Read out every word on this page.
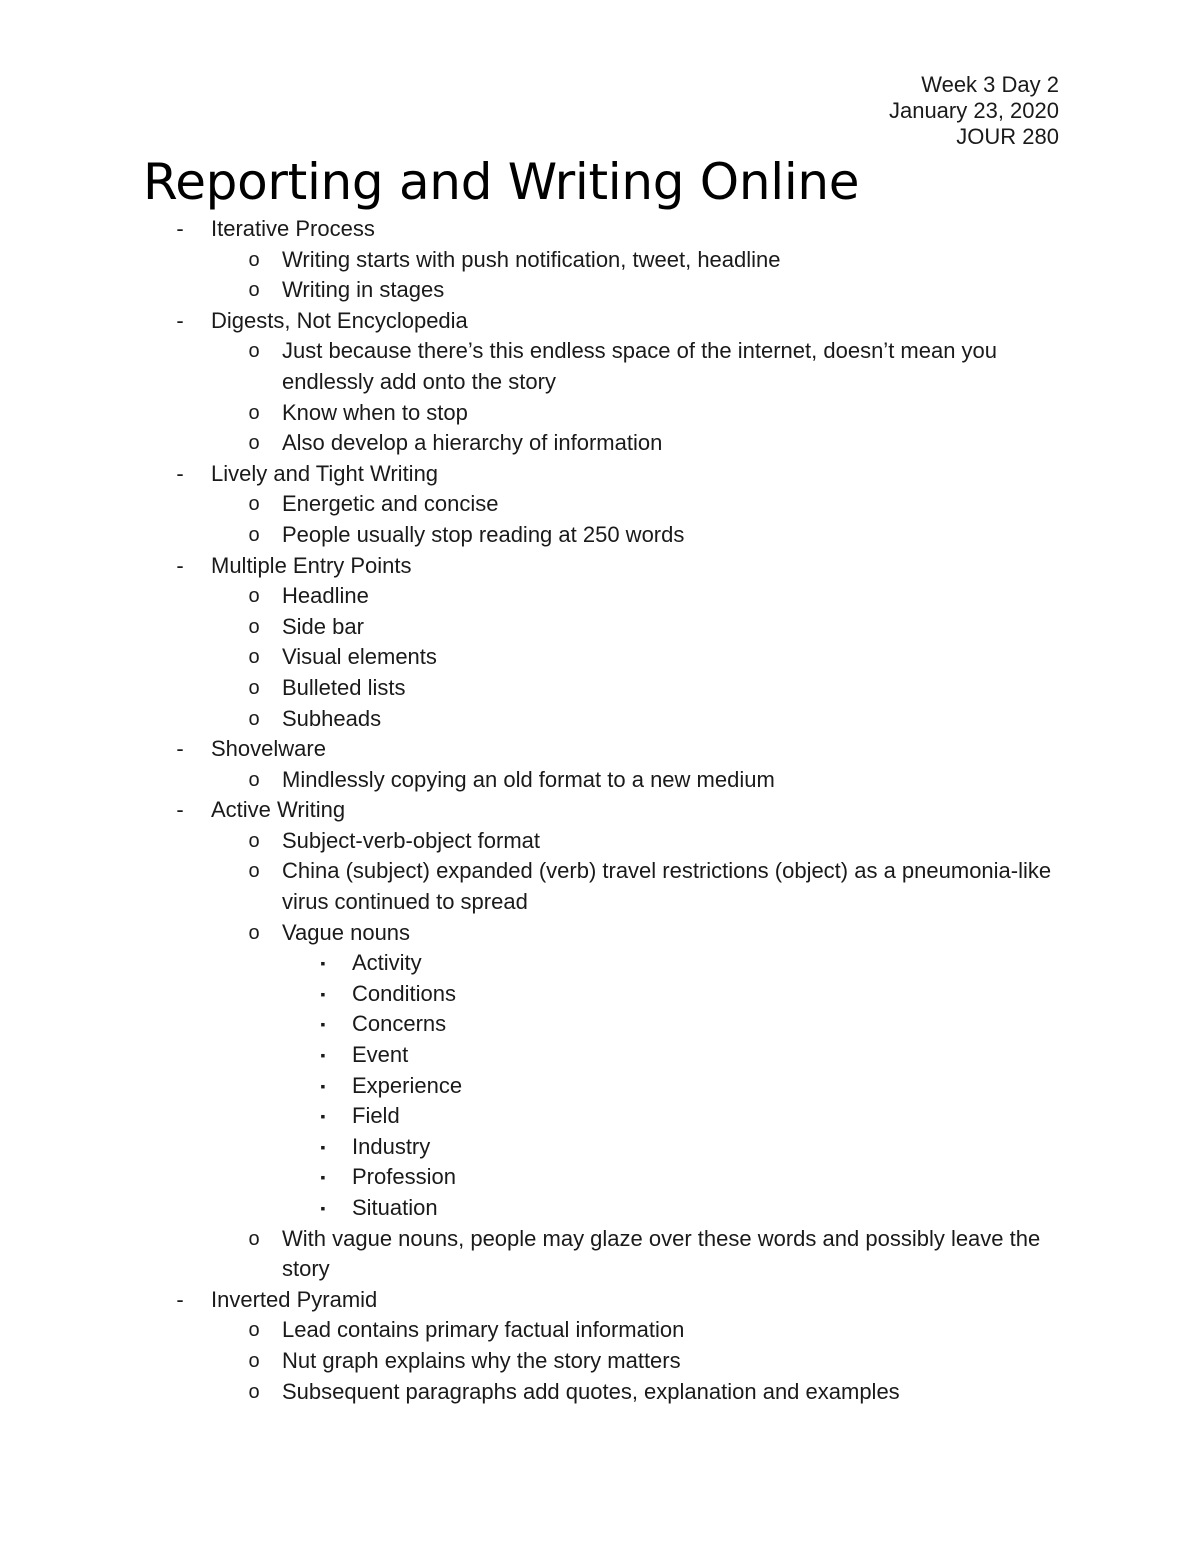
Week 3 Day 2
January 23, 2020
JOUR 280
Reporting and Writing Online
- Iterative Process
o Writing starts with push notification, tweet, headline
o Writing in stages
- Digests, Not Encyclopedia
o Just because there’s this endless space of the internet, doesn’t mean you endlessly add onto the story
o Know when to stop
o Also develop a hierarchy of information
- Lively and Tight Writing
o Energetic and concise
o People usually stop reading at 250 words
- Multiple Entry Points
o Headline
o Side bar
o Visual elements
o Bulleted lists
o Subheads
- Shovelware
o Mindlessly copying an old format to a new medium
- Active Writing
o Subject-verb-object format
o China (subject) expanded (verb) travel restrictions (object) as a pneumonia-like virus continued to spread
o Vague nouns
▪	Activity
▪	Conditions
▪	Concerns
▪	Event
▪	Experience
▪	Field
▪	Industry
▪	Profession
▪	Situation
o With vague nouns, people may glaze over these words and possibly leave the story
- Inverted Pyramid
o Lead contains primary factual information
o Nut graph explains why the story matters
o Subsequent paragraphs add quotes, explanation and examples
